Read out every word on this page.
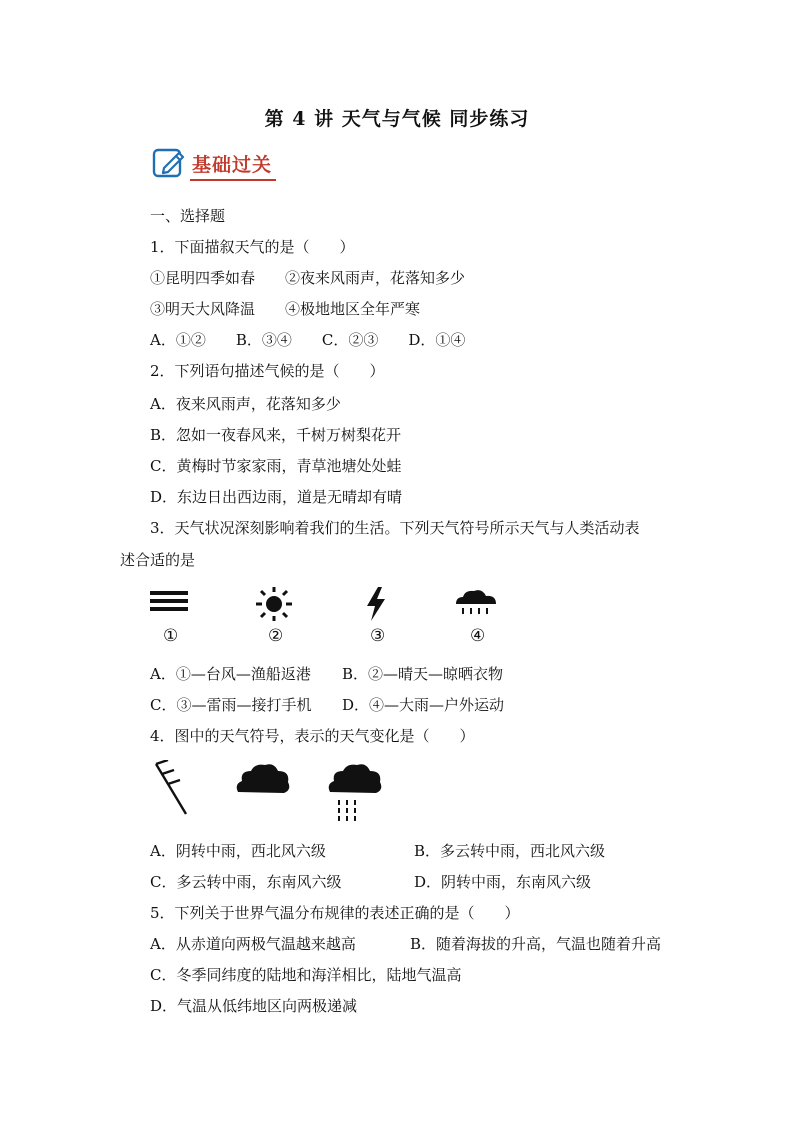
第 4 讲 天气与气候 同步练习
基础过关
一、选择题
1．下面描叙天气的是（　　）
①昆明四季如春　　②夜来风雨声，花落知多少
③明天大风降温　　④极地地区全年严寒
A．①②　　B．③④　　C．②③　　D．①④
2．下列语句描述气候的是（　　）
A．夜来风雨声，花落知多少
B．忽如一夜春风来，千树万树梨花开
C．黄梅时节家家雨，青草池塘处处蛙
D．东边日出西边雨，道是无晴却有晴
3．天气状况深刻影响着我们的生活。下列天气符号所示天气与人类活动表
述合适的是
①	②	③	④
A．①—台风—渔船返港 B．②—晴天—晾晒衣物
C．③—雷雨—接打手机 D．④—大雨—户外运动
4．图中的天气符号，表示的天气变化是（　　）
A．阴转中雨，西北风六级	B．多云转中雨，西北风六级
C．多云转中雨，东南风六级	D．阴转中雨，东南风六级
5．下列关于世界气温分布规律的表述正确的是（　　）
A．从赤道向两极气温越来越高	B．随着海拔的升高，气温也随着升高
C．冬季同纬度的陆地和海洋相比，陆地气温高
D．气温从低纬地区向两极递减
